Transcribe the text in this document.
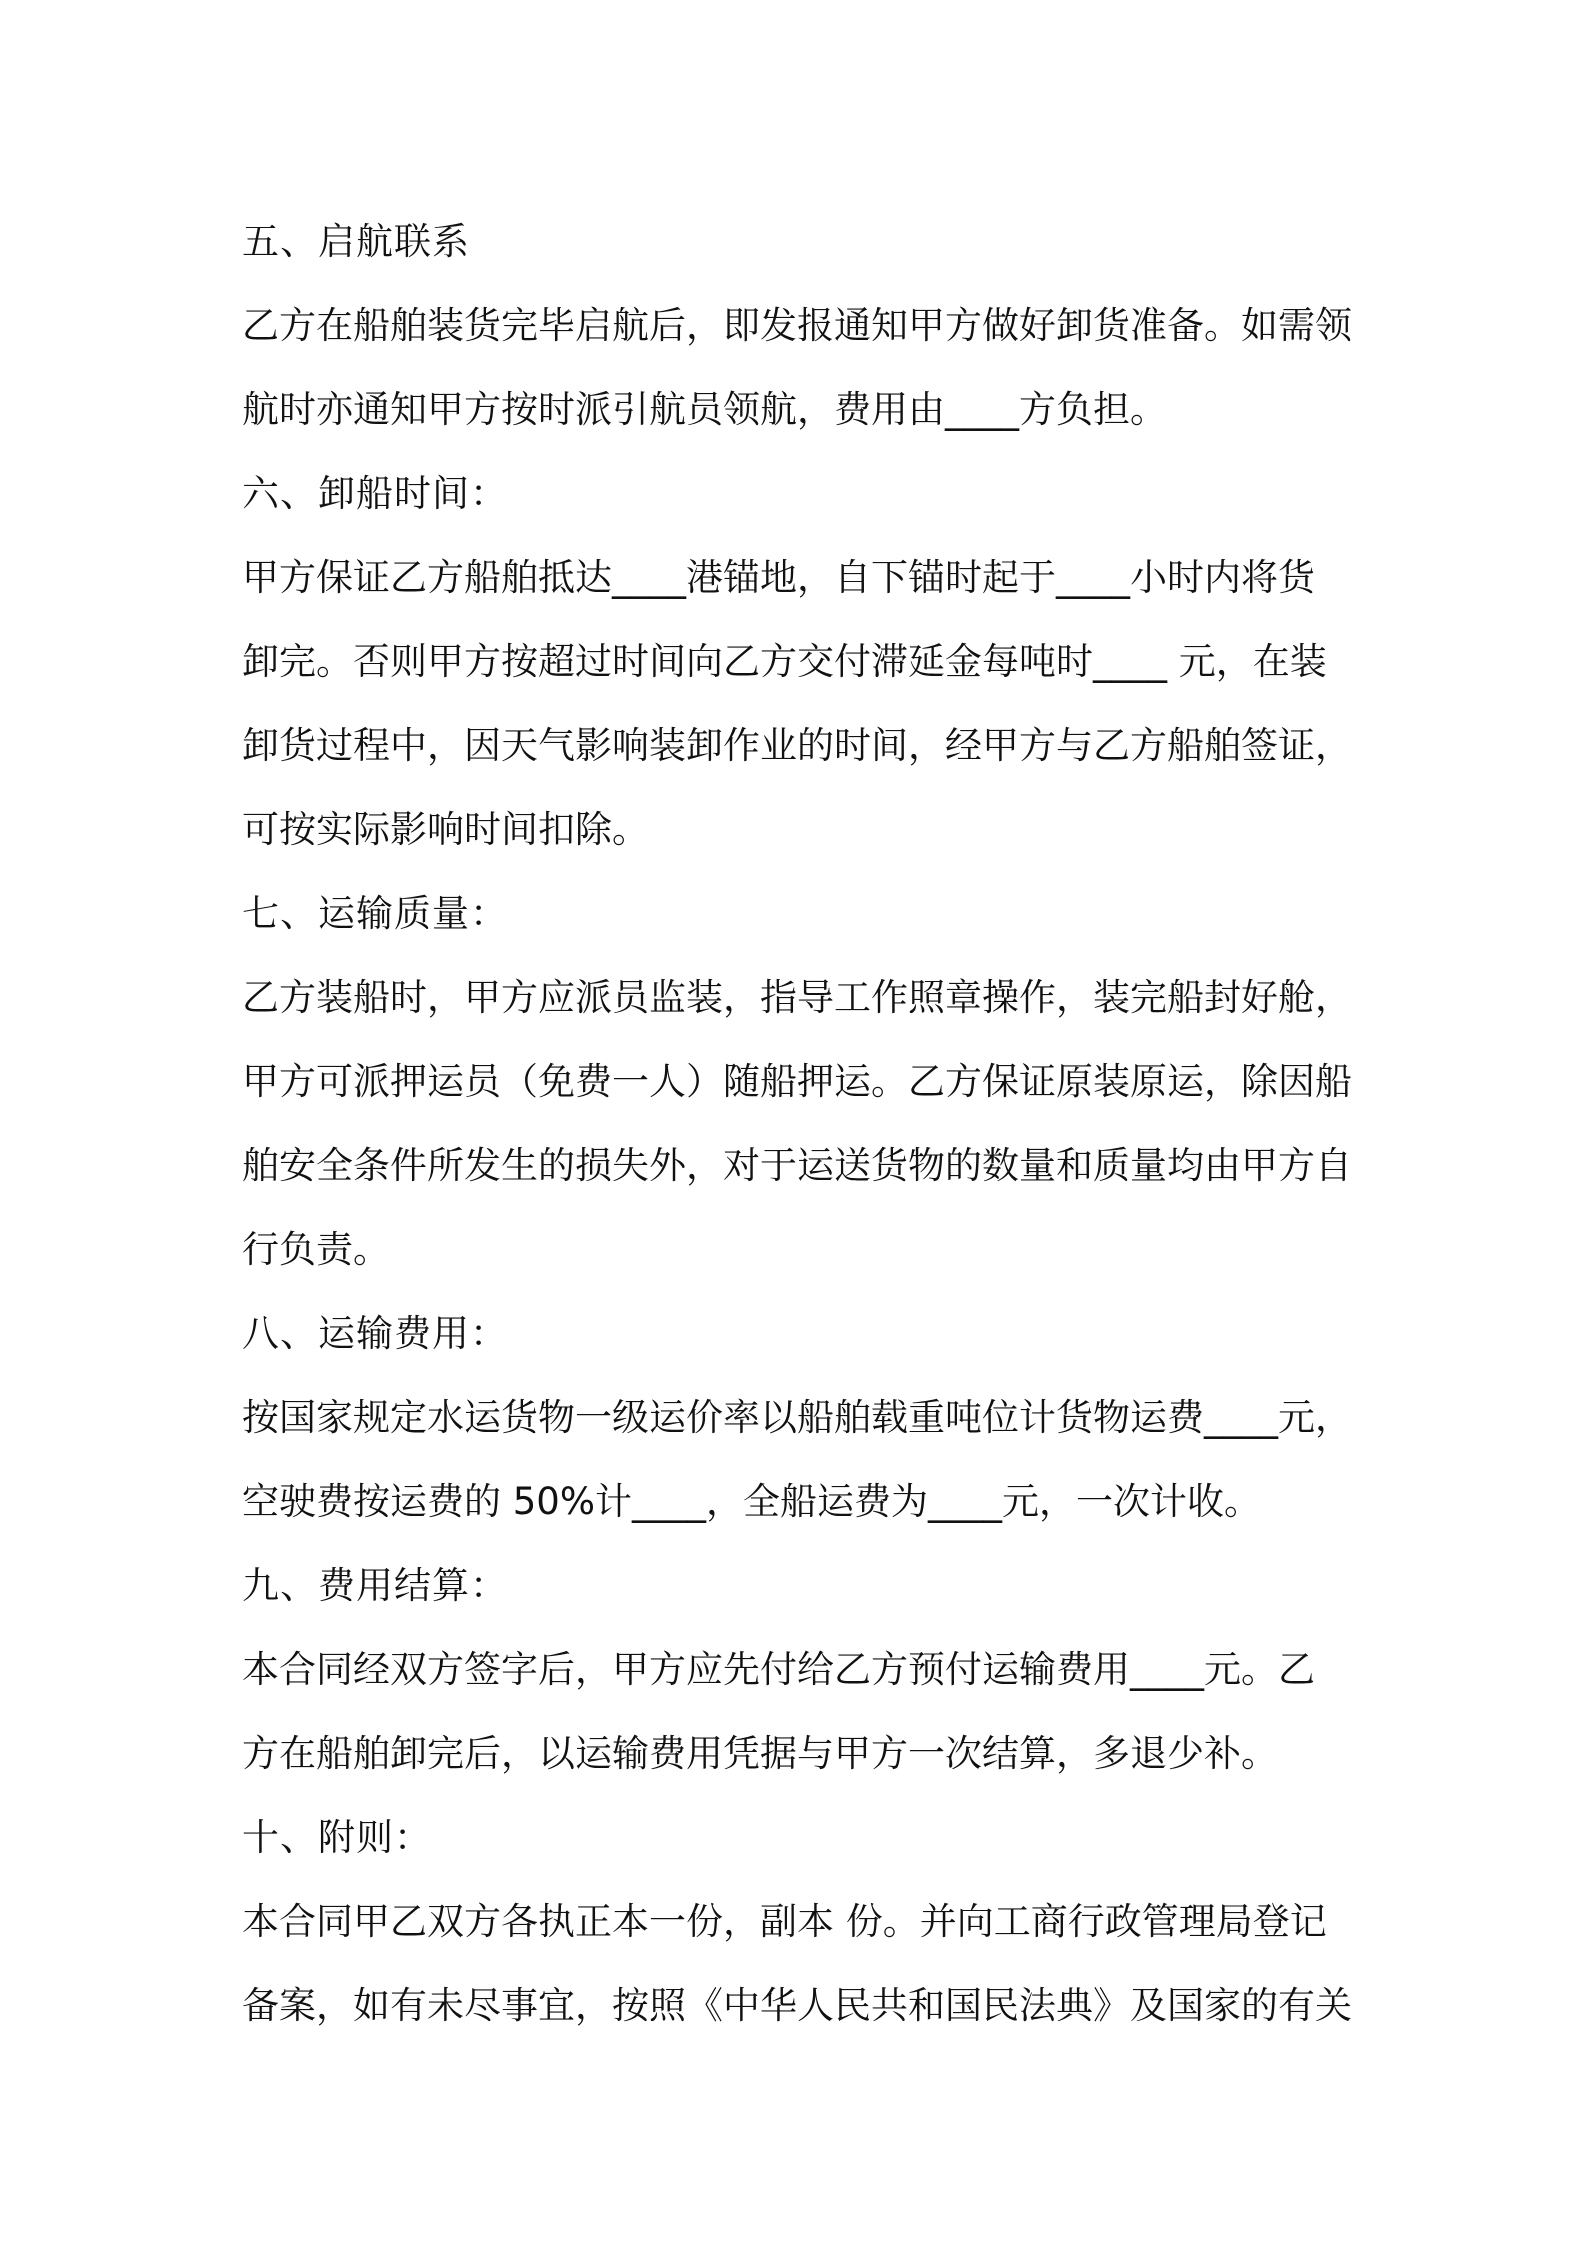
五、启航联系

乙方在船舶装货完毕启航后，即发报通知甲方做好卸货准备。如需领
航时亦通知甲方按时派引航员领航，费用由____方负担。

六、卸船时间：

甲方保证乙方船舶抵达____港锚地，自下锚时起于____小时内将货
卸完。否则甲方按超过时间向乙方交付滞延金每吨时____ 元，在装
卸货过程中，因天气影响装卸作业的时间，经甲方与乙方船舶签证，
可按实际影响时间扣除。

七、运输质量：

乙方装船时，甲方应派员监装，指导工作照章操作，装完船封好舱，
甲方可派押运员（免费一人）随船押运。乙方保证原装原运，除因船
舶安全条件所发生的损失外，对于运送货物的数量和质量均由甲方自
行负责。

八、运输费用：

按国家规定水运货物一级运价率以船舶载重吨位计货物运费____元，
空驶费按运费的 50%计____，全船运费为____元，一次计收。

九、费用结算：

本合同经双方签字后，甲方应先付给乙方预付运输费用____元。乙
方在船舶卸完后，以运输费用凭据与甲方一次结算，多退少补。

十、附则：

本合同甲乙双方各执正本一份，副本 份。并向工商行政管理局登记
备案，如有未尽事宜，按照《中华人民共和国民法典》及国家的有关
